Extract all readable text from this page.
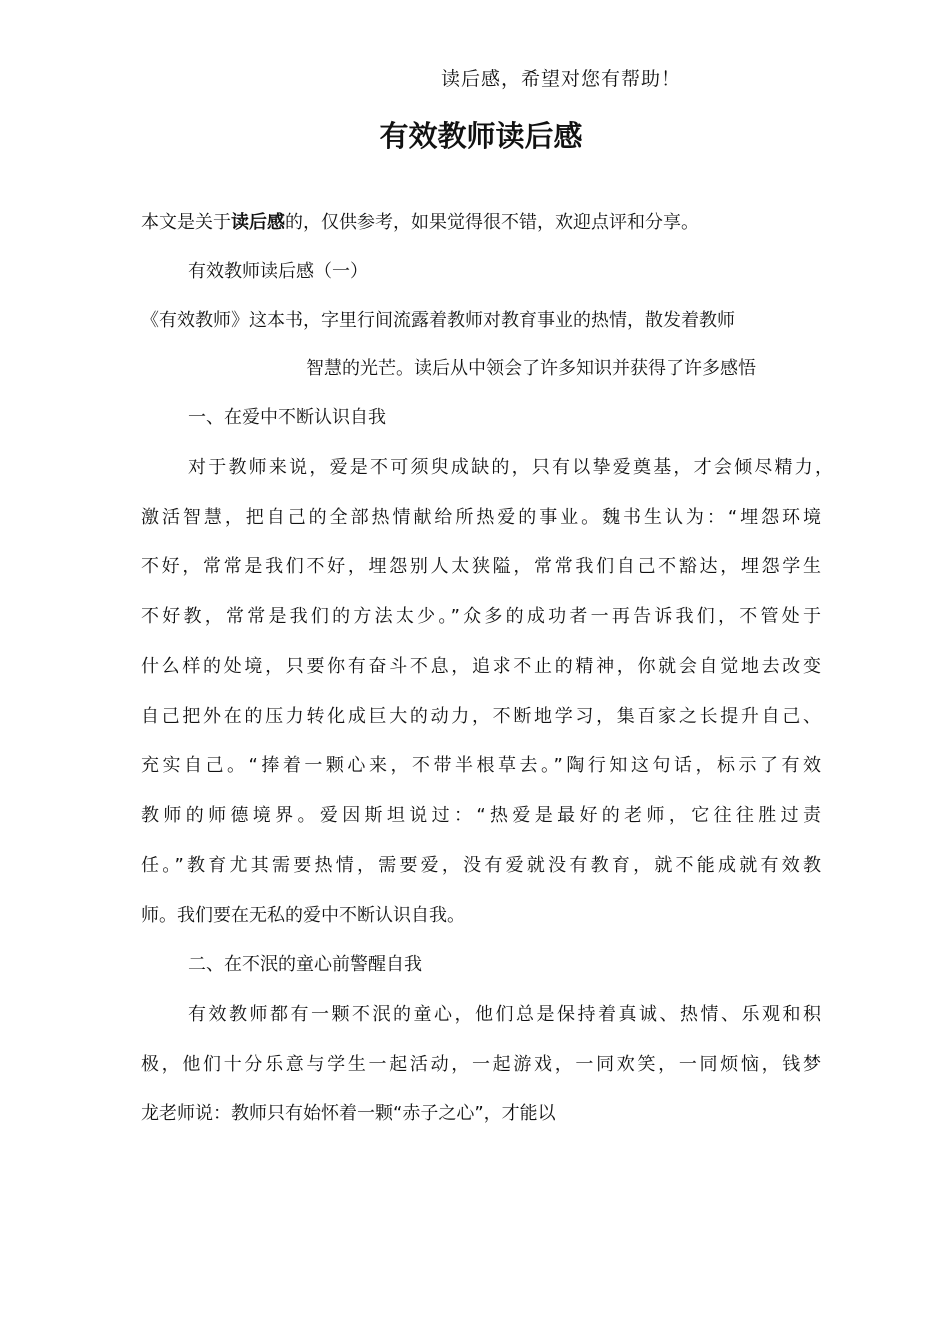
读后感，希望对您有帮助！
有效教师读后感
本文是关于读后感的，仅供参考，如果觉得很不错，欢迎点评和分享。
有效教师读后感（一）
《有效教师》这本书，字里行间流露着教师对教育事业的热情，散发着教师
智慧的光芒。读后从中领会了许多知识并获得了许多感悟
一、在爱中不断认识自我
对于教师来说，爱是不可须臾成缺的，只有以挚爱奠基，才会倾尽精力，
激活智慧，把自己的全部热情献给所热爱的事业。魏书生认为：“埋怨环境
不好，常常是我们不好，埋怨别人太狭隘，常常我们自己不豁达，埋怨学生
不好教，常常是我们的方法太少。”众多的成功者一再告诉我们，不管处于
什么样的处境，只要你有奋斗不息，追求不止的精神，你就会自觉地去改变
自己把外在的压力转化成巨大的动力，不断地学习，集百家之长提升自己、
充实自己。“捧着一颗心来，不带半根草去。”陶行知这句话，标示了有效
教师的师德境界。爱因斯坦说过：“热爱是最好的老师，它往往胜过责
任。”教育尤其需要热情，需要爱，没有爱就没有教育，就不能成就有效教
师。我们要在无私的爱中不断认识自我。
二、在不泯的童心前警醒自我
有效教师都有一颗不泯的童心，他们总是保持着真诚、热情、乐观和积
极，他们十分乐意与学生一起活动，一起游戏，一同欢笑，一同烦恼，钱梦
龙老师说：教师只有始怀着一颗“赤子之心”，才能以
